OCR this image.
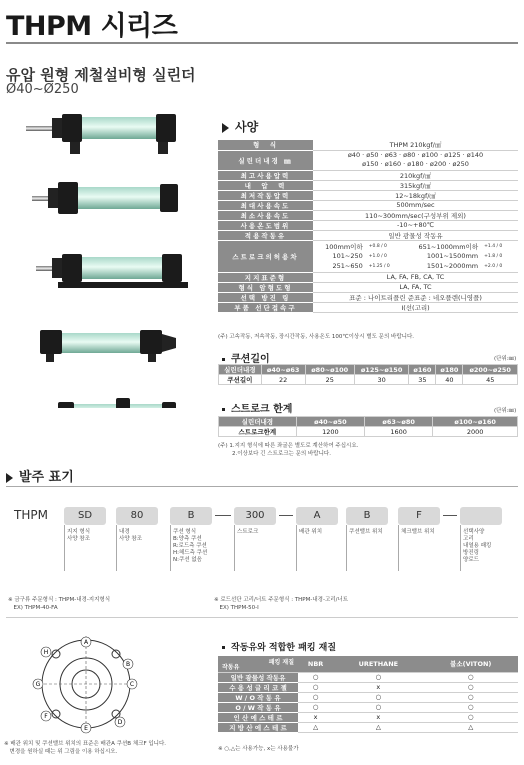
THPM 시리즈
유압 원형 제철설비형 실린더
Ø40~Ø250
사양
형　식	THPM 210kgf/㎠
실린더내경 ㎜	ø40 · ø50 · ø63 · ø80 · ø100 · ø125 · ø140
ø150 · ø160 · ø180 · ø200 · ø250
최고사용압력	210kgf/㎠
내　압　력	315kgf/㎠
최저작동압력	12~18kgf/㎠
최대사용속도	500mm/sec
최소사용속도	110~300mm/sec(구성부위 제외)
사용온도범위	-10~+80℃
적용작동유	일반 광물성 작동유
스트로크의허용차	
100mm이하	+0.8 / 0	651~1000mm이하	+1.4 / 0
101~250	+1.0 / 0	1001~1500mm	+1.8 / 0
251~650	+1.25 / 0	1501~2000mm	+2.0 / 0

지지표준형	LA, FA, FB, CA, TC
형식 암형도형	LA, FA, TC
선택 방진 링	표준 : 나이트리플린 준표준 : 네오플렌(니영플)
부품 선단접속구	I(선(고리)
(주) 고속작동, 저속작동, 장시간작동, 사용온도 100℃이상시 별도 문의 바랍니다.
쿠션길이	(단위:㎜)
실린더내경	ø40~ø63	ø80~ø100	ø125~ø150	ø160	ø180	ø200~ø250
쿠션길이	22	25	30	35	40	45
스트로크 한계	(단위:㎜)
실린더내경	ø40~ø50	ø63~ø80	ø100~ø160
스트로크한계	1200	1600	2000
(주) 1.지지 형식에 따른 좌굴은 별도로 계산하여 주십시요.
2.이상보다 긴 스트로크는 문의 바랍니다.
발주 표기
THPM	SD	80	B	300	A	B	F
지지 형식
사양 참조
내경
사양 참조
쿠션 형식
B:양측 쿠션
R:로드측 쿠션
H:헤드측 쿠션
N:쿠션 없음
스트로크	배관 위치	쿠션밸브 위치	체크밸브 위치	선택사양
고리
내열용 패킹
방진링
양로드
※ 금구류 주문형식 : THPM-내경-지지형식
　EX) THPM-40-FA
※ 로드선단 고리/너트 주문형식 : THPM-내경-고리/너트
　EX) THPM-50-I
A
B
C
D
E
F
G
H
※ 배관 위치 및 쿠션밸브 위치의 표준은 배관A 쿠션B 체크F 입니다.
　변경을 원하실 때는 위 그림을 이용 하십시오.
작동유와 적합한 패킹 재질
패킹 재질
작동유	NBR	URETHANE	불소(VITON)
일반 광물성 작동유	○	○	○
수 용 성 글 리 코 젤	○	x	○
W / O 작 동 유	○	○	○
O / W 작 동 유	○	○	○
인 산 에 스 테 르	x	x	○
지 방 산 에 스 테 르	△	△	△
※ ○,△는 사용가능, x는 사용불가
